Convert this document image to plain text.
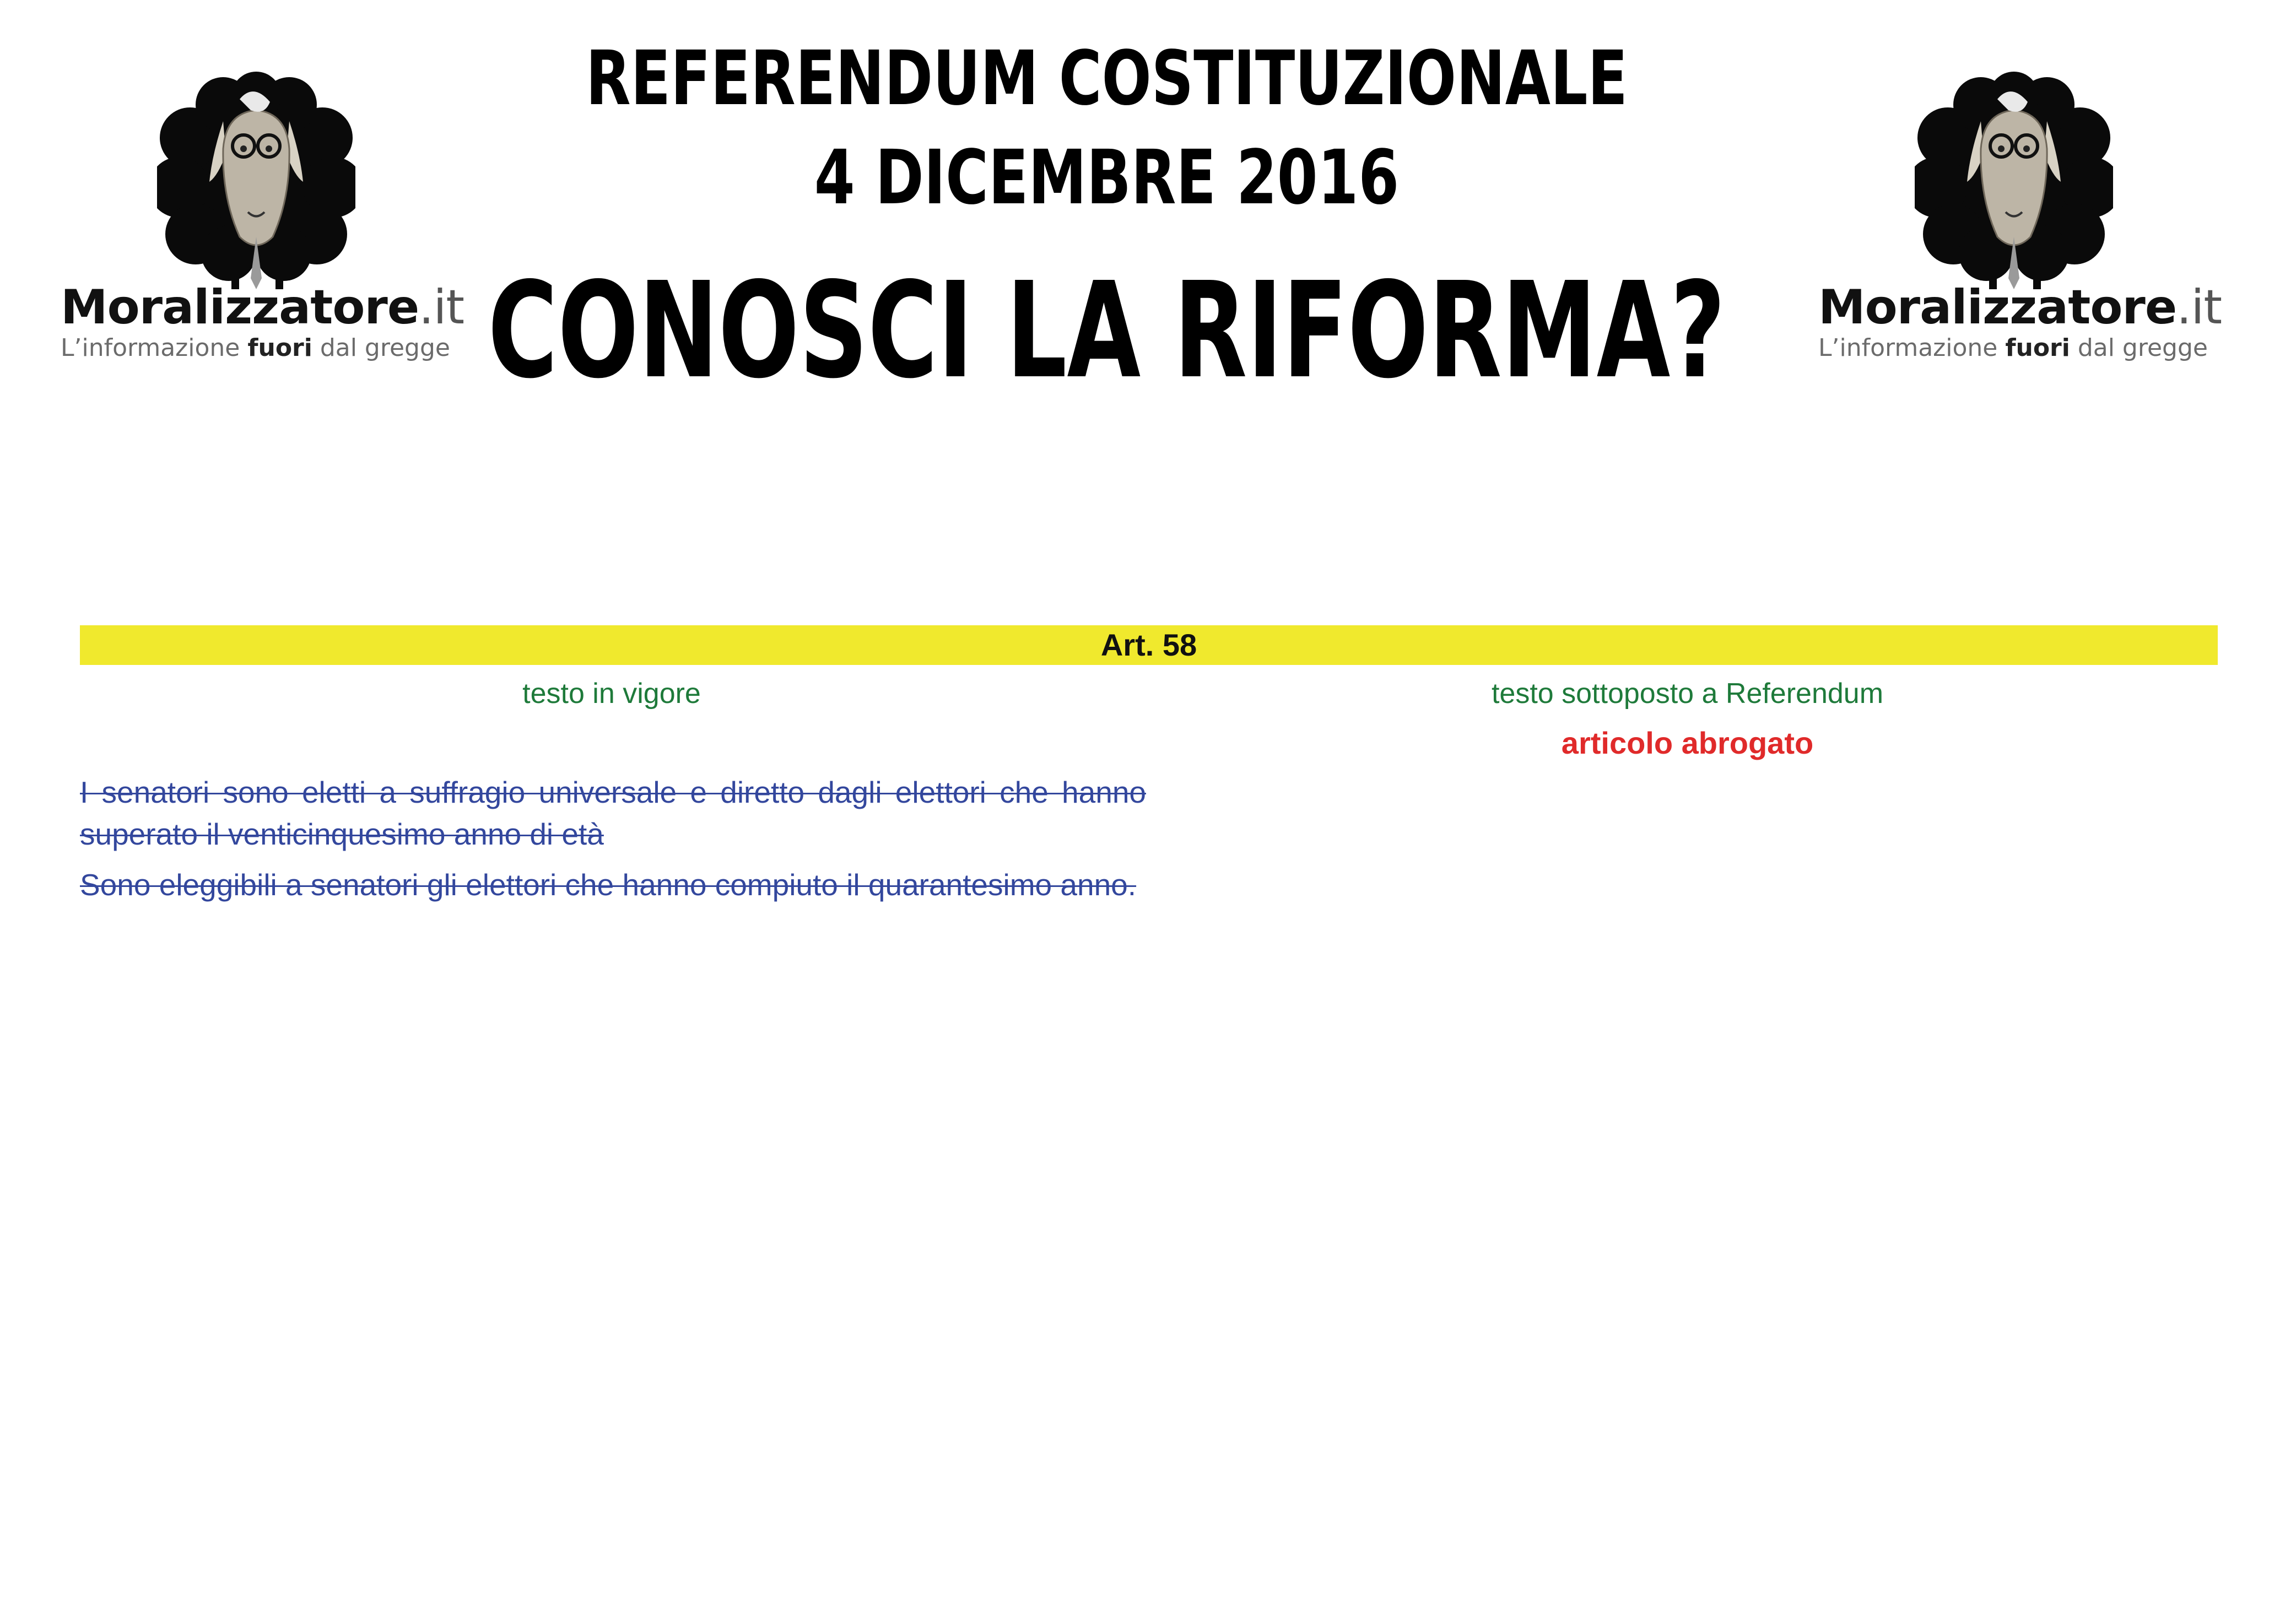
Moralizzatore.it
L’informazione fuori dal gregge
Moralizzatore.it
L’informazione fuori dal gregge
REFERENDUM COSTITUZIONALE
4 DICEMBRE 2016
CONOSCI LA RIFORMA?
Art. 58
testo in vigore	testo sottoposto a Referendum
articolo abrogato

I senatori sono eletti a suffragio universale e diretto dagli elettori che hanno superato il venticinquesimo anno di età

Sono eleggibili a senatori gli elettori che hanno compiuto il quarantesimo anno.
